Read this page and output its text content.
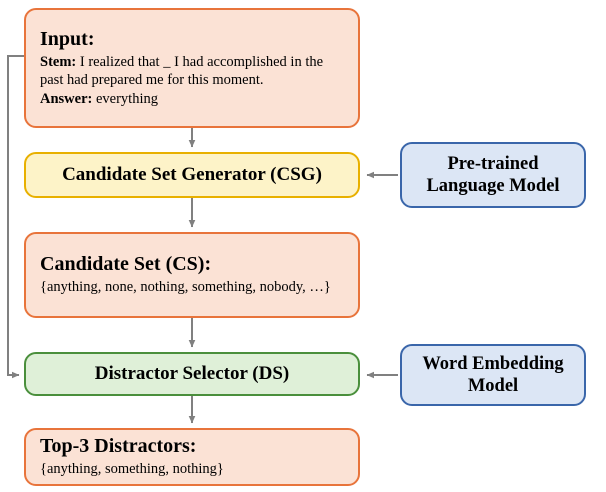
Input:
Stem: I realized that _ I had accomplished in the past had prepared me for this moment.
Answer: everything
Candidate Set Generator (CSG)
Pre-trained
Language Model
Candidate Set (CS):
{anything, none, nothing, something, nobody, …}
Distractor Selector (DS)	Word Embedding
Model
Top-3 Distractors:
{anything, something, nothing}
